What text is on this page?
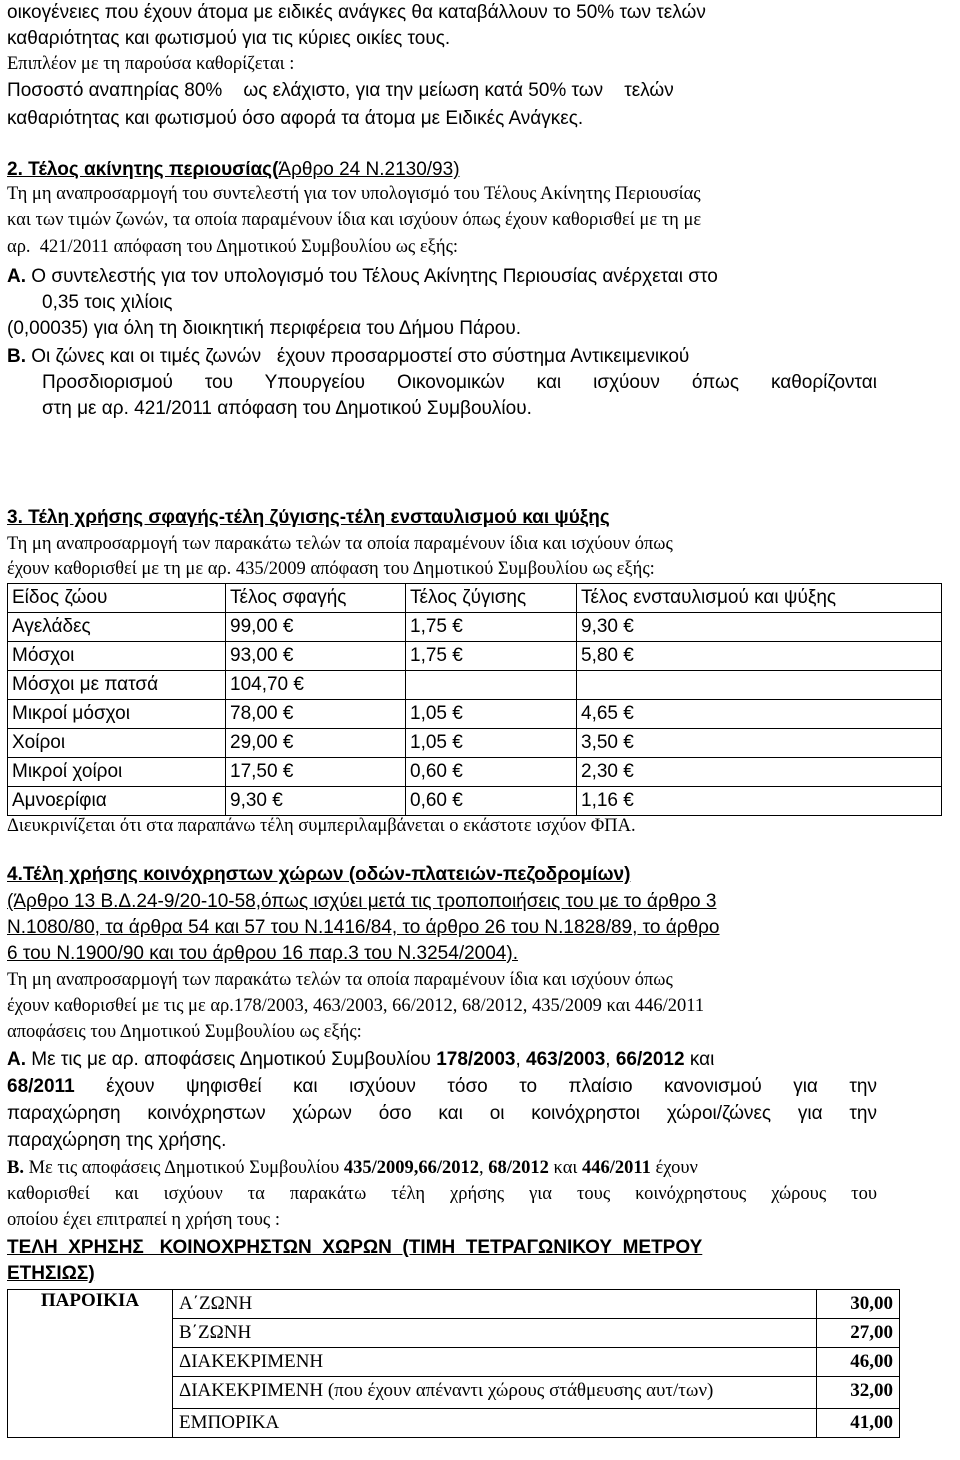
οικογένειες που έχουν άτομα με ειδικές ανάγκες θα καταβάλλουν το 50% των τελών
καθαριότητας και φωτισμού για τις κύριες οικίες τους.
Επιπλέον με τη παρούσα καθορίζεται :
Ποσοστό αναπηρίας 80%    ως ελάχιστο, για την μείωση κατά 50% των    τελών
καθαριότητας και φωτισμού όσο αφορά τα άτομα με Ειδικές Ανάγκες.
2. Τέλος ακίνητης περιουσίας(Άρθρο 24 Ν.2130/93)
Τη μη αναπροσαρμογή του συντελεστή για τον υπολογισμό του Τέλους Ακίνητης Περιουσίας
και των τιμών ζωνών, τα οποία παραμένουν ίδια και ισχύουν όπως έχουν καθορισθεί με τη με
αρ.  421/2011 απόφαση του Δημοτικού Συμβουλίου ως εξής:
Α. Ο συντελεστής για τον υπολογισμό του Τέλους Ακίνητης Περιουσίας ανέρχεται στο
0,35 τοις χιλίοις
(0,00035) για όλη τη διοικητική περιφέρεια του Δήμου Πάρου.
Β. Οι ζώνες και οι τιμές ζωνών   έχουν προσαρμοστεί στο σύστημα Αντικειμενικού
Προσδιορισμού του Υπουργείου Οικονομικών και ισχύουν όπως καθορίζονται
στη με αρ. 421/2011 απόφαση του Δημοτικού Συμβουλίου.
3. Τέλη χρήσης σφαγής-τέλη ζύγισης-τέλη ενσταυλισμού και ψύξης
Τη μη αναπροσαρμογή των παρακάτω τελών τα οποία παραμένουν ίδια και ισχύουν όπως
έχουν καθορισθεί με τη με αρ. 435/2009 απόφαση του Δημοτικού Συμβουλίου ως εξής:
Είδος ζώου	Τέλος σφαγής	Τέλος ζύγισης	Τέλος ενσταυλισμού και ψύξης
Αγελάδες	99,00 €	1,75 €	9,30 €
Μόσχοι	93,00 €	1,75 €	5,80 €
Μόσχοι με πατσά	104,70 €		
Μικροί μόσχοι	78,00 €	1,05 €	4,65 €
Χοίροι	29,00 €	1,05 €	3,50 €
Μικροί χοίροι	17,50 €	0,60 €	2,30 €
Αμνοερίφια	9,30 €	0,60 €	1,16 €
Διευκρινίζεται ότι στα παραπάνω τέλη συμπεριλαμβάνεται ο εκάστοτε ισχύον ΦΠΑ.
4.Τέλη χρήσης κοινόχρηστων χώρων (οδών-πλατειών-πεζοδρομίων)
(Άρθρο 13 Β.Δ.24-9/20-10-58,όπως ισχύει μετά τις τροποποιήσεις του με το άρθρο 3
Ν.1080/80, τα άρθρα 54 και 57 του Ν.1416/84, το άρθρο 26 του Ν.1828/89, το άρθρο
6 του Ν.1900/90 και του άρθρου 16 παρ.3 του Ν.3254/2004).
Τη μη αναπροσαρμογή των παρακάτω τελών τα οποία παραμένουν ίδια και ισχύουν όπως
έχουν καθορισθεί με τις με αρ.178/2003, 463/2003, 66/2012, 68/2012, 435/2009 και 446/2011
αποφάσεις του Δημοτικού Συμβουλίου ως εξής:
Α. Με τις με αρ. αποφάσεις Δημοτικού Συμβουλίου 178/2003, 463/2003, 66/2012 και
68/2011 έχουν ψηφισθεί και ισχύουν τόσο το πλαίσιο κανονισμού για την
παραχώρηση κοινόχρηστων χώρων όσο και οι κοινόχρηστοι χώροι/ζώνες για την
παραχώρηση της χρήσης.
Β. Με τις αποφάσεις Δημοτικού Συμβουλίου 435/2009,66/2012, 68/2012 και 446/2011 έχουν
καθορισθεί και ισχύουν τα παρακάτω τέλη χρήσης για τους κοινόχρηστους χώρους του
οποίου έχει επιτραπεί η χρήση τους :
ΤΕΛΗ  ΧΡΗΣΗΣ   ΚΟΙΝΟΧΡΗΣΤΩΝ  ΧΩΡΩΝ  (ΤΙΜΗ  ΤΕΤΡΑΓΩΝΙΚΟΥ  ΜΕΤΡΟΥ
ΕΤΗΣΙΩΣ)
ΠΑΡΟΙΚΙΑ	Α΄ΖΩΝΗ	30,00
	Β΄ΖΩΝΗ	27,00
	ΔΙΑΚΕΚΡΙΜΕΝΗ	46,00
	ΔΙΑΚΕΚΡΙΜΕΝΗ (που έχουν απέναντι χώρους στάθμευσης αυτ/των)	32,00
	ΕΜΠΟΡΙΚΑ	41,00
